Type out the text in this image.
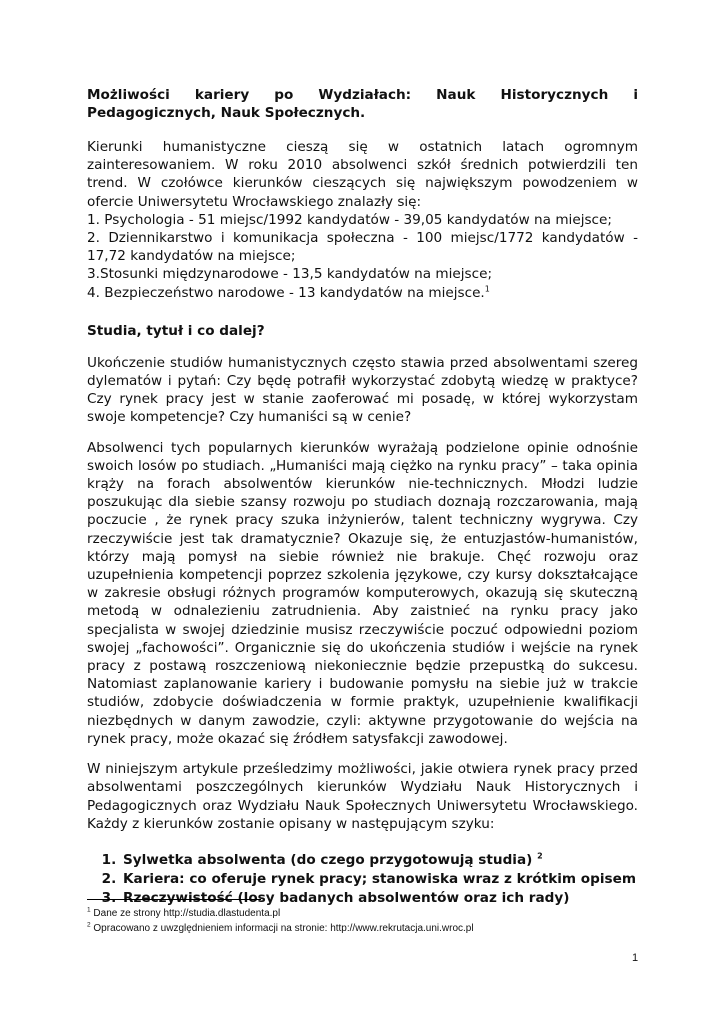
Możliwości kariery po Wydziałach: Nauk Historycznych i Pedagogicznych, Nauk Społecznych.

Kierunki humanistyczne cieszą się w ostatnich latach ogromnym zainteresowaniem. W roku 2010 absolwenci szkół średnich potwierdzili ten trend. W czołówce kierunków cieszących się największym powodzeniem w ofercie Uniwersytetu Wrocławskiego znalazły się:

1. Psychologia - 51 miejsc/1992 kandydatów - 39,05 kandydatów na miejsce;

2. Dziennikarstwo i komunikacja społeczna - 100 miejsc/1772 kandydatów - 17,72 kandydatów na miejsce;

3.Stosunki międzynarodowe - 13,5 kandydatów na miejsce;

4. Bezpieczeństwo narodowe - 13 kandydatów na miejsce.$^1$

Studia, tytuł i co dalej?

Ukończenie studiów humanistycznych często stawia przed absolwentami szereg dylematów i pytań: Czy będę potrafił wykorzystać zdobytą wiedzę w praktyce? Czy rynek pracy jest w stanie zaoferować mi posadę, w której wykorzystam swoje kompetencje? Czy humaniści są w cenie?

Absolwenci tych popularnych kierunków wyrażają podzielone opinie odnośnie swoich losów po studiach. „Humaniści mają ciężko na rynku pracy” – taka opinia krąży na forach absolwentów kierunków nie-technicznych. Młodzi ludzie poszukując dla siebie szansy rozwoju po studiach doznają rozczarowania, mają poczucie , że rynek pracy szuka inżynierów, talent techniczny wygrywa. Czy rzeczywiście jest tak dramatycznie? Okazuje się, że entuzjastów-humanistów, którzy mają pomysł na siebie również nie brakuje. Chęć rozwoju oraz uzupełnienia kompetencji poprzez szkolenia językowe, czy kursy dokształcające w zakresie obsługi różnych programów komputerowych, okazują się skuteczną metodą w odnalezieniu zatrudnienia. Aby zaistnieć na rynku pracy jako specjalista w swojej dziedzinie musisz rzeczywiście poczuć odpowiedni poziom swojej „fachowości”. Organicznie się do ukończenia studiów i wejście na rynek pracy z postawą roszczeniową niekoniecznie będzie przepustką do sukcesu. Natomiast zaplanowanie kariery i budowanie pomysłu na siebie już w trakcie studiów, zdobycie doświadczenia w formie praktyk, uzupełnienie kwalifikacji niezbędnych w danym zawodzie, czyli: aktywne przygotowanie do wejścia na rynek pracy, może okazać się źródłem satysfakcji zawodowej.

W niniejszym artykule prześledzimy możliwości, jakie otwiera rynek pracy przed absolwentami poszczególnych kierunków Wydziału Nauk Historycznych i Pedagogicznych oraz Wydziału Nauk Społecznych Uniwersytetu Wrocławskiego. Każdy z kierunków zostanie opisany w następującym szyku:

1. Sylwetka absolwenta (do czego przygotowują studia) $^2$
2. Kariera: co oferuje rynek pracy; stanowiska wraz z krótkim opisem
3. Rzeczywistość (losy badanych absolwentów oraz ich rady)
$^1$ Dane ze strony http://studia.dlastudenta.pl
$^2$ Opracowano z uwzględnieniem informacji na stronie: http://www.rekrutacja.uni.wroc.pl
1
